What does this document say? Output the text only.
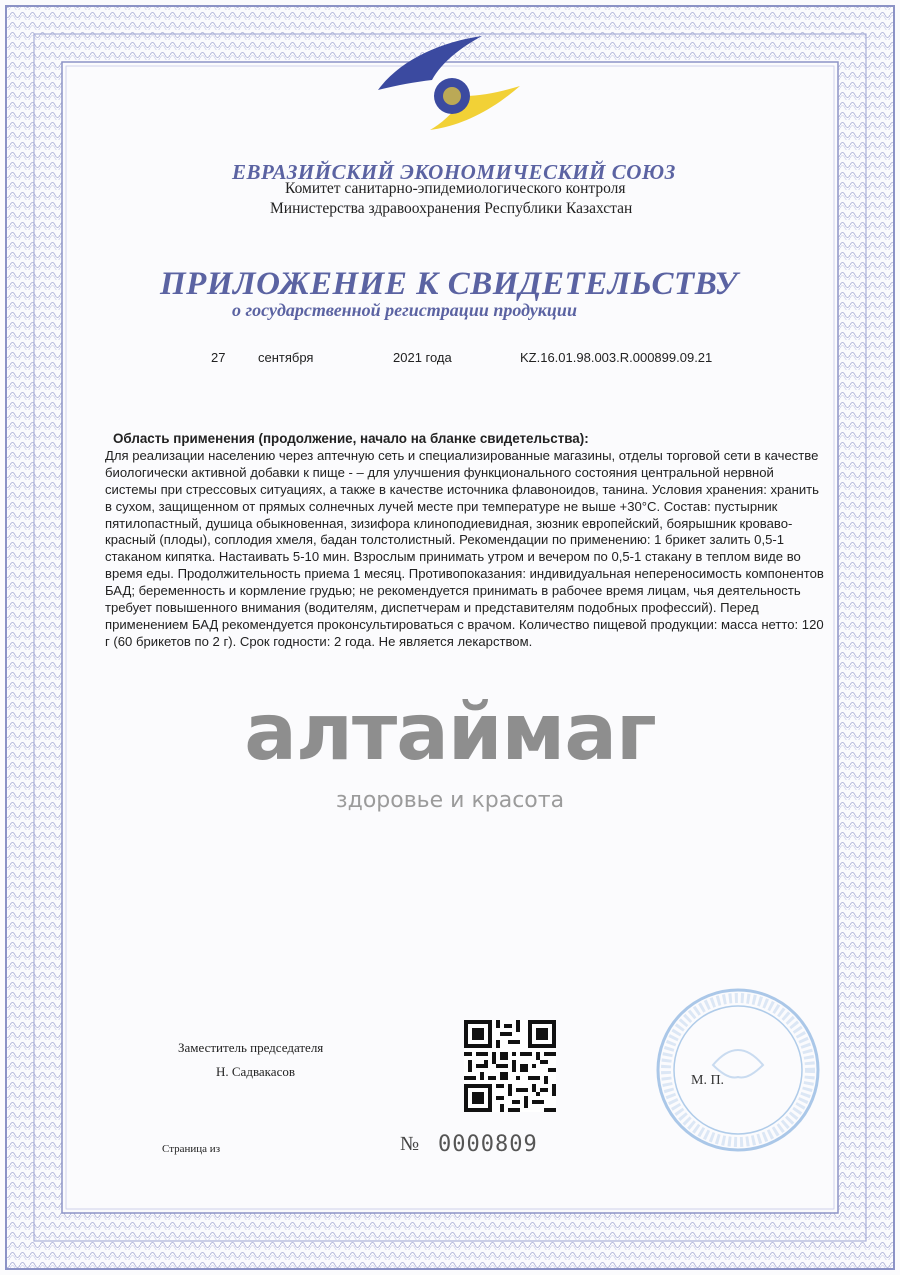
ЕВРАЗИЙСКИЙ ЭКОНОМИЧЕСКИЙ СОЮЗ
Комитет санитарно-эпидемиологического контроля
Министерства здравоохранения Республики Казахстан
ПРИЛОЖЕНИЕ К СВИДЕТЕЛЬСТВУ
о государственной регистрации продукции
27	сентября	2021 года	KZ.16.01.98.003.R.000899.09.21
Область применения (продолжение, начало на бланке свидетельства):

Для реализации населению через аптечную сеть и специализированные магазины, отделы торговой сети в качестве биологически активной добавки к пище - – для улучшения функционального состояния центральной нервной системы при стрессовых ситуациях, а также в качестве источника флавоноидов, танина. Условия хранения: хранить в сухом, защищенном от прямых солнечных лучей месте при температуре не выше +30°С. Состав: пустырник пятилопастный, душица обыкновенная, зизифора клиноподиевидная, зюзник европейский, боярышник кроваво-красный (плоды), соплодия хмеля, бадан толстолистный. Рекомендации по применению: 1 брикет залить 0,5-1 стаканом кипятка. Настаивать 5-10 мин. Взрослым принимать утром и вечером по 0,5-1 стакану в теплом виде во время еды. Продолжительность приема 1 месяц. Противопоказания: индивидуальная непереносимость компонентов БАД; беременность и кормление грудью; не рекомендуется принимать в рабочее время лицам, чья деятельность требует повышенного внимания (водителям, диспетчерам и представителям подобных профессий). Перед применением БАД рекомендуется проконсультироваться с врачом. Количество пищевой продукции: масса нетто: 120 г (60 брикетов по 2 г). Срок годности: 2 года. Не является лекарством.

алтаймаг
здоровье и красота
Заместитель председателя
Н. Садвакасов
Страница из	№ 0000809
М. П.
